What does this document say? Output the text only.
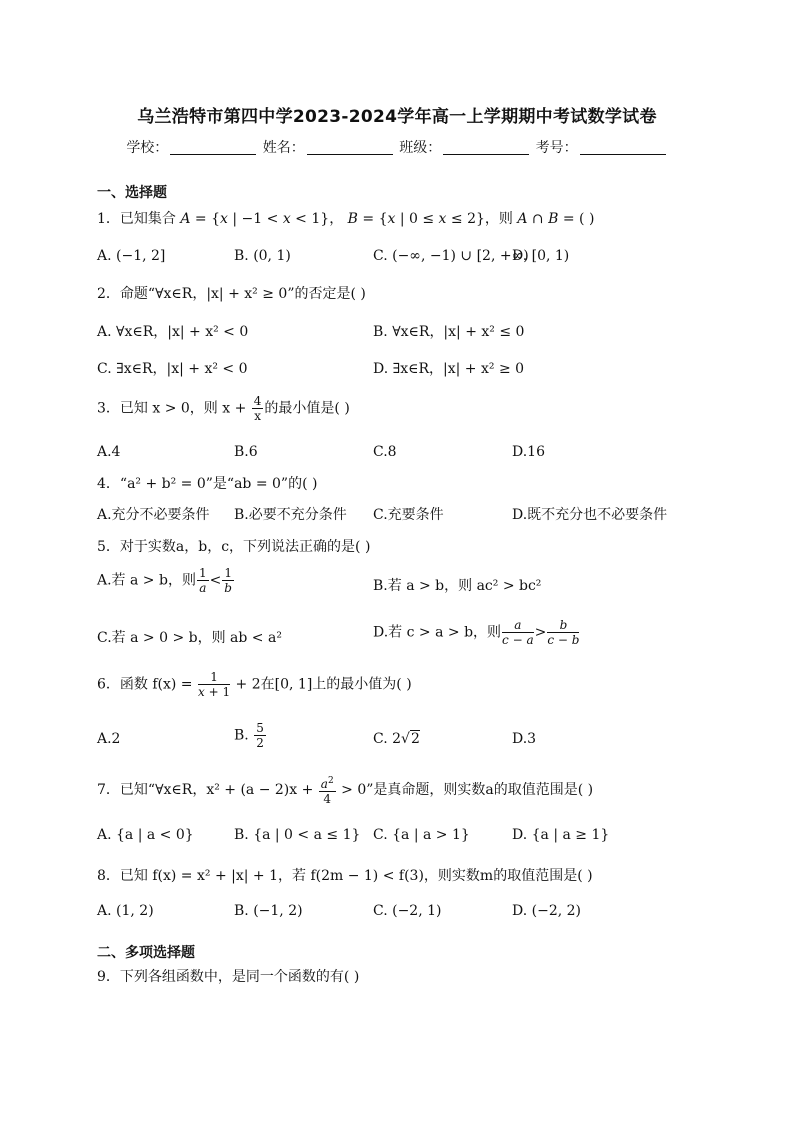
乌兰浩特市第四中学2023-2024学年高一上学期期中考试数学试卷
学校：	姓名：	班级：	考号：
一、选择题
1．已知集合 A = {x | −1 < x < 1}， B = {x | 0 ≤ x ≤ 2}，则 A ∩ B = ( )
A. (−1, 2]	B. (0, 1)	C. (−∞, −1) ∪ [2, +∞)
D. [0, 1)
2．命题“∀x∈R，|x| + x² ≥ 0”的否定是( )
A. ∀x∈R，|x| + x² < 0	B. ∀x∈R，|x| + x² ≤ 0
C. ∃x∈R，|x| + x² < 0	D. ∃x∈R，|x| + x² ≥ 0
3．已知 x > 0，则 $x + \frac{4}{x}$ 的最小值是( )
A.4	B.6	C.8	D.16
4．“a² + b² = 0”是“ab = 0”的( )
A.充分不必要条件 B.必要不充分条件 C.充要条件	D.既不充分也不必要条件
5．对于实数a，b，c，下列说法正确的是( )
A.若 a > b，则 $\frac{1}{a} < \frac{1}{b}$	B.若 a > b，则 ac² > bc²
C.若 a > 0 > b，则 ab < a²	D.若 c > a > b，则 $\frac{a}{c - a} > \frac{b}{c - b}$
6．函数 $f(x) = \frac{1}{x + 1} + 2$在[0, 1]上的最小值为( )
A.2	B. $\frac{5}{2}$	C. 2√2	D.3
7．已知“∀x∈R，$x^2 + (a - 2)x + \frac{a^2}{4} > 0$”是真命题，则实数a的取值范围是( )
A. {a | a < 0}	B. {a | 0 < a ≤ 1} C. {a | a > 1}	D. {a | a ≥ 1}
8．已知 f(x) = x² + |x| + 1，若 f(2m − 1) < f(3)，则实数m的取值范围是( )
A. (1, 2)	B. (−1, 2)	C. (−2, 1)	D. (−2, 2)
二、多项选择题
9．下列各组函数中，是同一个函数的有( )
